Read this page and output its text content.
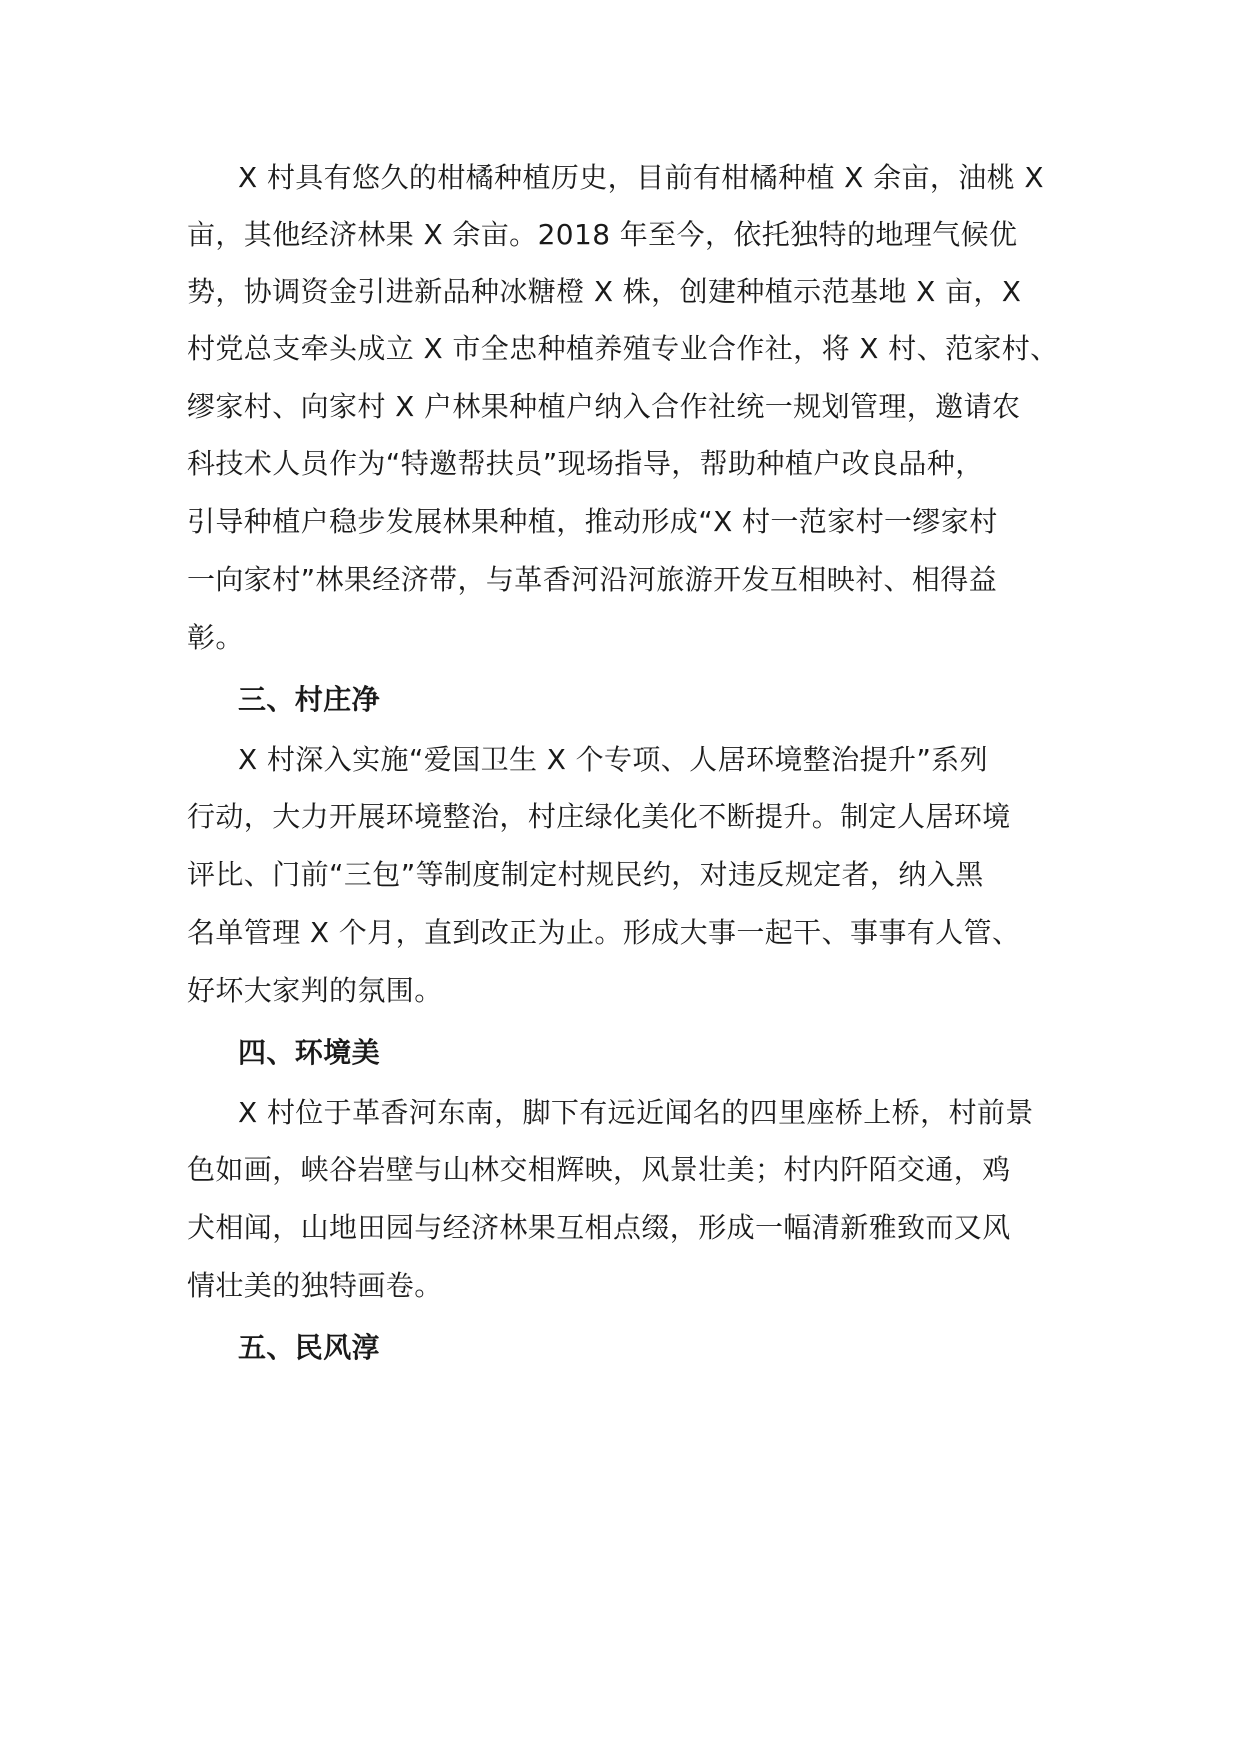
X 村具有悠久的柑橘种植历史，目前有柑橘种植 X 余亩，油桃 X
亩，其他经济林果 X 余亩。2018 年至今，依托独特的地理气候优
势，协调资金引进新品种冰糖橙 X 株，创建种植示范基地 X 亩，X
村党总支牵头成立 X 市全忠种植养殖专业合作社，将 X 村、范家村、
缪家村、向家村 X 户林果种植户纳入合作社统一规划管理，邀请农
科技术人员作为“特邀帮扶员”现场指导，帮助种植户改良品种，
引导种植户稳步发展林果种植，推动形成“X 村一范家村一缪家村
一向家村”林果经济带，与革香河沿河旅游开发互相映衬、相得益
彰。
三、村庄净
X 村深入实施“爱国卫生 X 个专项、人居环境整治提升”系列
行动，大力开展环境整治，村庄绿化美化不断提升。制定人居环境
评比、门前“三包”等制度制定村规民约，对违反规定者，纳入黑
名单管理 X 个月，直到改正为止。形成大事一起干、事事有人管、
好坏大家判的氛围。
四、环境美
X 村位于革香河东南，脚下有远近闻名的四里座桥上桥，村前景
色如画，峡谷岩壁与山林交相辉映，风景壮美；村内阡陌交通，鸡
犬相闻，山地田园与经济林果互相点缀，形成一幅清新雅致而又风
情壮美的独特画卷。
五、民风淳
